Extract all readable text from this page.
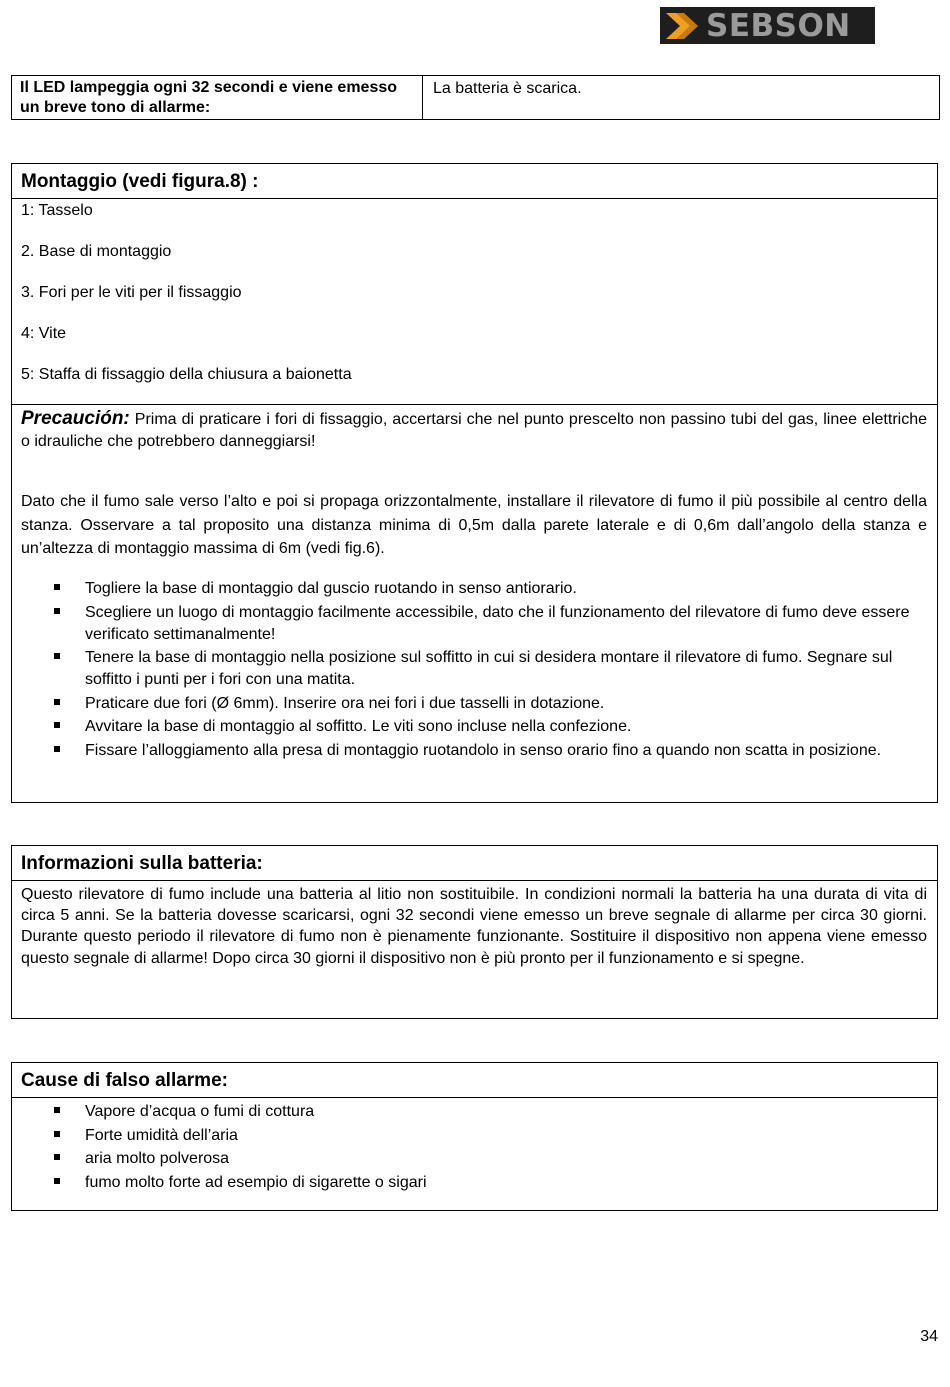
SEBSON
Il LED lampeggia ogni 32 secondi e viene emesso un breve tono di allarme:
La batteria è scarica.
Montaggio (vedi figura.8) :
1: Tasselo
2. Base di montaggio
3. Fori per le viti per il fissaggio
4: Vite
5: Staffa di fissaggio della chiusura a baionetta
Precaución: Prima di praticare i fori di fissaggio, accertarsi che nel punto prescelto non passino tubi del gas, linee elettriche o idrauliche che potrebbero danneggiarsi!
Dato che il fumo sale verso l’alto e poi si propaga orizzontalmente, installare il rilevatore di fumo il più possibile al centro della stanza. Osservare a tal proposito una distanza minima di 0,5m dalla parete laterale e di 0,6m dall’angolo della stanza e un’altezza di montaggio massima di 6m (vedi fig.6).
Togliere la base di montaggio dal guscio ruotando in senso antiorario.
Scegliere un luogo di montaggio facilmente accessibile, dato che il funzionamento del rilevatore di fumo deve essere verificato settimanalmente!
Tenere la base di montaggio nella posizione sul soffitto in cui si desidera montare il rilevatore di fumo. Segnare sul soffitto i punti per i fori con una matita.
Praticare due fori (Ø 6mm). Inserire ora nei fori i due tasselli in dotazione.
Avvitare la base di montaggio al soffitto. Le viti sono incluse nella confezione.
Fissare l’alloggiamento alla presa di montaggio ruotandolo in senso orario fino a quando non scatta in posizione.
Informazioni sulla batteria:
Questo rilevatore di fumo include una batteria al litio non sostituibile. In condizioni normali la batteria ha una durata di vita di circa 5 anni. Se la batteria dovesse scaricarsi, ogni 32 secondi viene emesso un breve segnale di allarme per circa 30 giorni. Durante questo periodo il rilevatore di fumo non è pienamente funzionante. Sostituire il dispositivo non appena viene emesso questo segnale di allarme! Dopo circa 30 giorni il dispositivo non è più pronto per il funzionamento e si spegne.
Cause di falso allarme:
Vapore d’acqua o fumi di cottura
Forte umidità dell’aria
aria molto polverosa
fumo molto forte ad esempio di sigarette o sigari
34
